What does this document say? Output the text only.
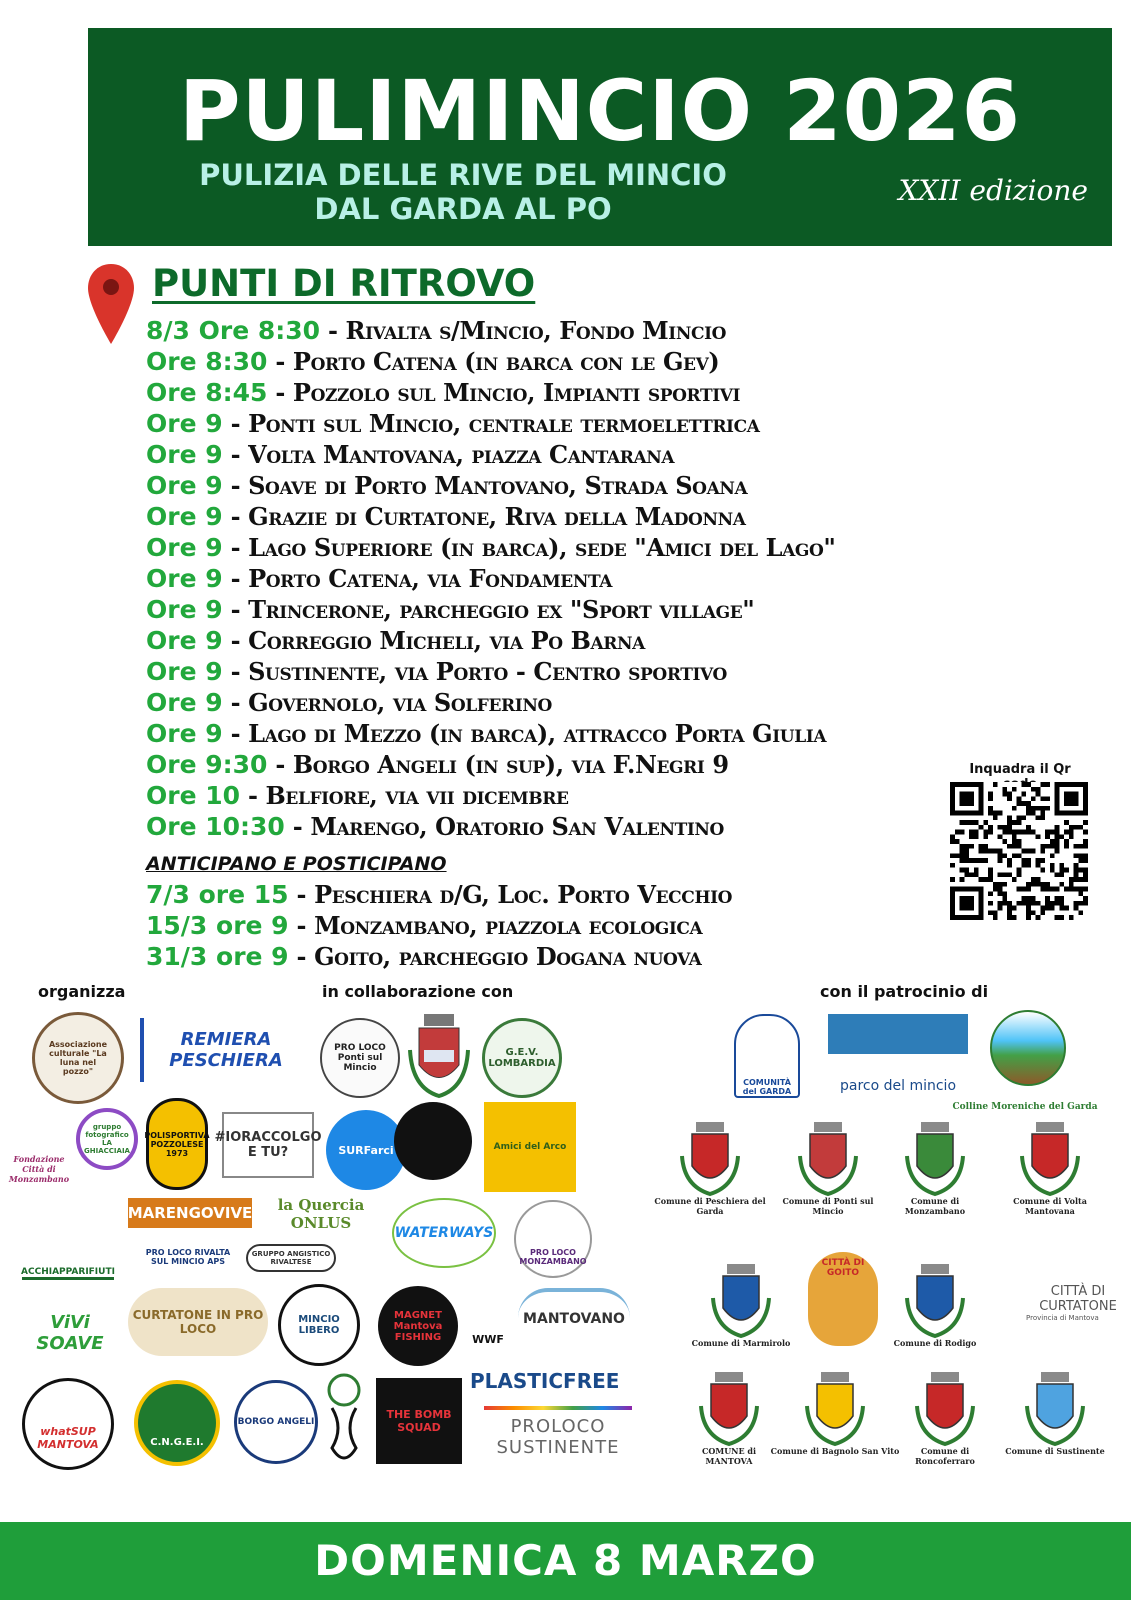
PULIMINCIO 2026
PULIZIA DELLE RIVE DEL MINCIO
DAL GARDA AL PO
XXII edizione
PUNTI DI RITROVO
8/3 Ore 8:30 - Rivalta s/Mincio, Fondo Mincio
Ore 8:30 - Porto Catena (in barca con le Gev)
Ore 8:45 - Pozzolo sul Mincio, Impianti sportivi
Ore 9 - Ponti sul Mincio, centrale termoelettrica
Ore 9 - Volta Mantovana, piazza Cantarana
Ore 9 - Soave di Porto Mantovano, Strada Soana
Ore 9 - Grazie di Curtatone, Riva della Madonna
Ore 9 - Lago Superiore (in barca), sede "Amici del Lago"
Ore 9 - Porto Catena, via Fondamenta
Ore 9 - Trincerone, parcheggio ex "Sport village"
Ore 9 - Correggio Micheli, via Po Barna
Ore 9 - Sustinente, via Porto - Centro sportivo
Ore 9 - Governolo, via Solferino
Ore 9 - Lago di Mezzo (in barca), attracco Porta Giulia
Ore 9:30 - Borgo Angeli (in sup), via F.Negri 9
Ore 10 - Belfiore, via vii dicembre
Ore 10:30 - Marengo, Oratorio San Valentino
ANTICIPANO E POSTICIPANO
7/3 ore 15 - Peschiera d/G, Loc. Porto Vecchio
15/3 ore 9 - Monzambano, piazzola ecologica
31/3 ore 9 - Goito, parcheggio Dogana nuova
Inquadra il Qr
organizza	in collaborazione con	con il patrocinio di
Associazione culturale "La luna nel pozzo"
REMIERA PESCHIERA
PRO LOCO Ponti sul Mincio
G.E.V. LOMBARDIA
Fondazione Città di Monzambano
gruppo fotografico LA GHIACCIAIA
POLISPORTIVA POZZOLESE 1973
#IORACCOLGO E TU?	SURFarci	Amici del Arco
ACCHIAPPARIFIUTI
MARENGOVIVE	la Quercia ONLUS
PRO LOCO RIVALTA SUL MINCIO APS
GRUPPO ANGISTICO RIVALTESE
WATERWAYS
PRO LOCO MONZAMBANO
ViVi SOAVE
CURTATONE IN PRO LOCO
MINCIO LIBERO
MAGNET Mantova FISHING	WWF
MANTOVANO
whatSUP MANTOVA	C.N.G.E.I.
BORGO ANGELI
THE BOMB SQUAD
PLASTICFREE
PROLOCO SUSTINENTE
COMUNITÀ del GARDA	parco del mincio
Colline Moreniche del Garda
Comune di Peschiera del Garda
Comune di Ponti sul Mincio
Comune di Monzambano
Comune di Volta Mantovana
Comune di Marmirolo	Comune di Rodigo
COMUNE di MANTOVA
Comune di Bagnolo San Vito	Comune di Roncoferraro
Comune di Sustinente
CITTÀ DI CURTATONE
Provincia di Mantova
CITTÀ DI GOITO
DOMENICA 8 MARZO
